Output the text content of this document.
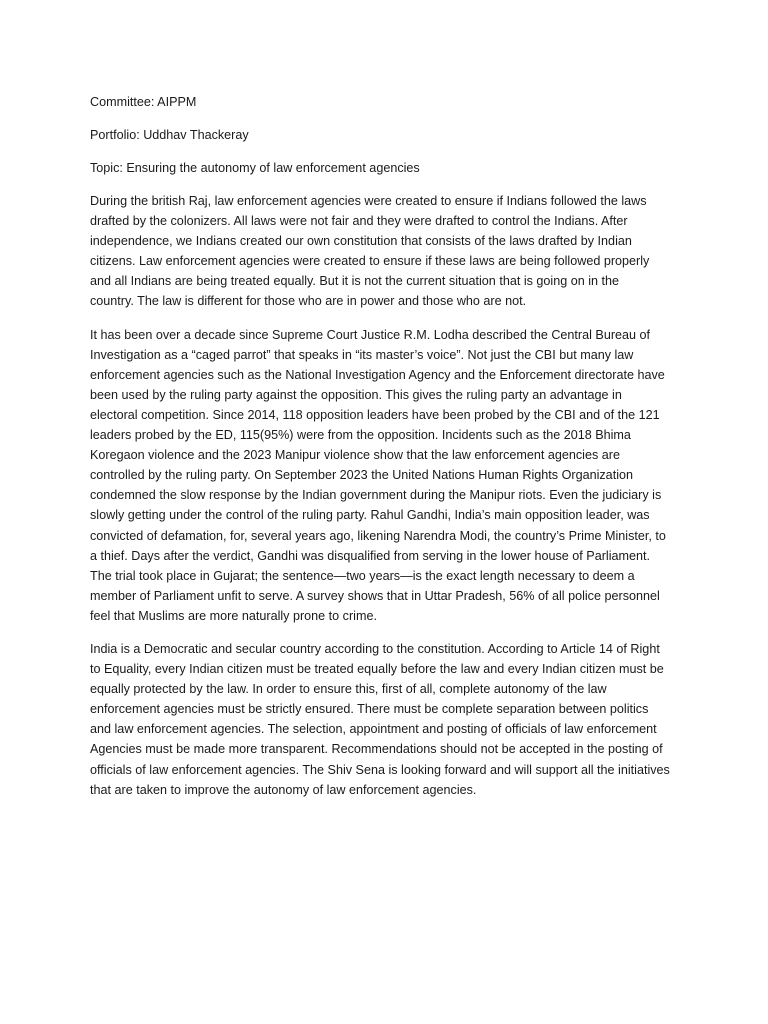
Committee: AIPPM

Portfolio: Uddhav Thackeray

Topic: Ensuring the autonomy of law enforcement agencies

During the british Raj, law enforcement agencies were created to ensure if Indians followed the laws
drafted by the colonizers. All laws were not fair and they were drafted to control the Indians. After
independence, we Indians created our own constitution that consists of the laws drafted by Indian
citizens. Law enforcement agencies were created to ensure if these laws are being followed properly
and all Indians are being treated equally. But it is not the current situation that is going on in the
country. The law is different for those who are in power and those who are not.
It has been over a decade since Supreme Court Justice R.M. Lodha described the Central Bureau of
Investigation as a “caged parrot” that speaks in “its master’s voice”. Not just the CBI but many law
enforcement agencies such as the National Investigation Agency and the Enforcement directorate have
been used by the ruling party against the opposition. This gives the ruling party an advantage in
electoral competition. Since 2014, 118 opposition leaders have been probed by the CBI and of the 121
leaders probed by the ED, 115(95%) were from the opposition. Incidents such as the 2018 Bhima
Koregaon violence and the 2023 Manipur violence show that the law enforcement agencies are
controlled by the ruling party. On September 2023 the United Nations Human Rights Organization
condemned the slow response by the Indian government during the Manipur riots. Even the judiciary is
slowly getting under the control of the ruling party. Rahul Gandhi, India’s main opposition leader, was
convicted of defamation, for, several years ago, likening Narendra Modi, the country’s Prime Minister, to
a thief. Days after the verdict, Gandhi was disqualified from serving in the lower house of Parliament.
The trial took place in Gujarat; the sentence—two years—is the exact length necessary to deem a
member of Parliament unfit to serve. A survey shows that in Uttar Pradesh, 56% of all police personnel
feel that Muslims are more naturally prone to crime.
India is a Democratic and secular country according to the constitution. According to Article 14 of Right
to Equality, every Indian citizen must be treated equally before the law and every Indian citizen must be
equally protected by the law. In order to ensure this, first of all, complete autonomy of the law
enforcement agencies must be strictly ensured. There must be complete separation between politics
and law enforcement agencies. The selection, appointment and posting of officials of law enforcement
Agencies must be made more transparent. Recommendations should not be accepted in the posting of
officials of law enforcement agencies. The Shiv Sena is looking forward and will support all the initiatives
that are taken to improve the autonomy of law enforcement agencies.
